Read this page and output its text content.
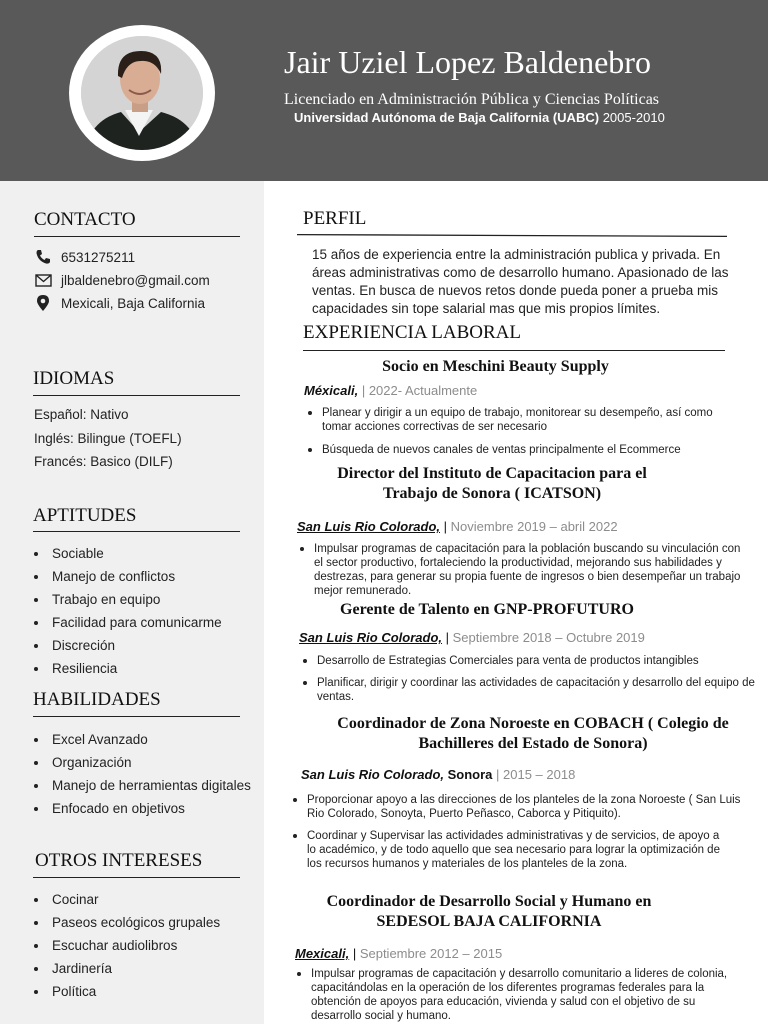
Jair Uziel Lopez Baldenebro
Licenciado en Administración Pública y Ciencias Políticas
Universidad Autónoma de Baja California (UABC) 2005-2010
CONTACTO
6531275211
jlbaldenebro@gmail.com
Mexicali, Baja California
IDIOMAS
Español: Nativo
Inglés: Bilingue (TOEFL)
Francés: Basico (DILF)
APTITUDES
Sociable
Manejo de conflictos
Trabajo en equipo
Facilidad para comunicarme
Discreción
Resiliencia
HABILIDADES
Excel Avanzado
Organización
Manejo de herramientas digitales
Enfocado en objetivos
OTROS INTERESES
Cocinar
Paseos ecológicos grupales
Escuchar audiolibros
Jardinería
Política
PERFIL
15 años de experiencia entre la administración publica y privada. En áreas administrativas como de desarrollo humano. Apasionado de las ventas. En busca de nuevos retos donde pueda poner a prueba mis capacidades sin tope salarial mas que mis propios límites.
EXPERIENCIA LABORAL
Socio en Meschini Beauty Supply
Méxicali, | 2022- Actualmente
Planear y dirigir a un equipo de trabajo, monitorear su desempeño, así como tomar acciones correctivas de ser necesario
Búsqueda de nuevos canales de ventas principalmente el Ecommerce
Director del Instituto de Capacitacion para el Trabajo de Sonora ( ICATSON)
San Luis Rio Colorado, | Noviembre 2019 – abril 2022
Impulsar programas de capacitación para la población buscando su vinculación con el sector productivo, fortaleciendo la productividad, mejorando sus habilidades y destrezas, para generar su propia fuente de ingresos o bien desempeñar un trabajo mejor remunerado.
Gerente de Talento en GNP-PROFUTURO
San Luis Rio Colorado, | Septiembre 2018 – Octubre 2019
Desarrollo de Estrategias Comerciales para venta de productos intangibles
Planificar, dirigir y coordinar las actividades de capacitación y desarrollo del equipo de ventas.
Coordinador de Zona Noroeste en COBACH ( Colegio de Bachilleres del Estado de Sonora)
San Luis Rio Colorado, Sonora | 2015 – 2018
Proporcionar apoyo a las direcciones de los planteles de la zona Noroeste ( San Luis Rio Colorado, Sonoyta, Puerto Peñasco, Caborca y Pitiquito).
Coordinar y Supervisar las actividades administrativas y de servicios, de apoyo a lo académico, y de todo aquello que sea necesario para lograr la optimización de los recursos humanos y materiales de los planteles de la zona.
Coordinador de Desarrollo Social y Humano en SEDESOL BAJA CALIFORNIA
Mexicali, | Septiembre 2012 – 2015
Impulsar programas de capacitación y desarrollo comunitario a lideres de colonia, capacitándolas en la operación de los diferentes programas federales para la obtención de apoyos para educación, vivienda y salud con el objetivo de su desarrollo social y humano.
